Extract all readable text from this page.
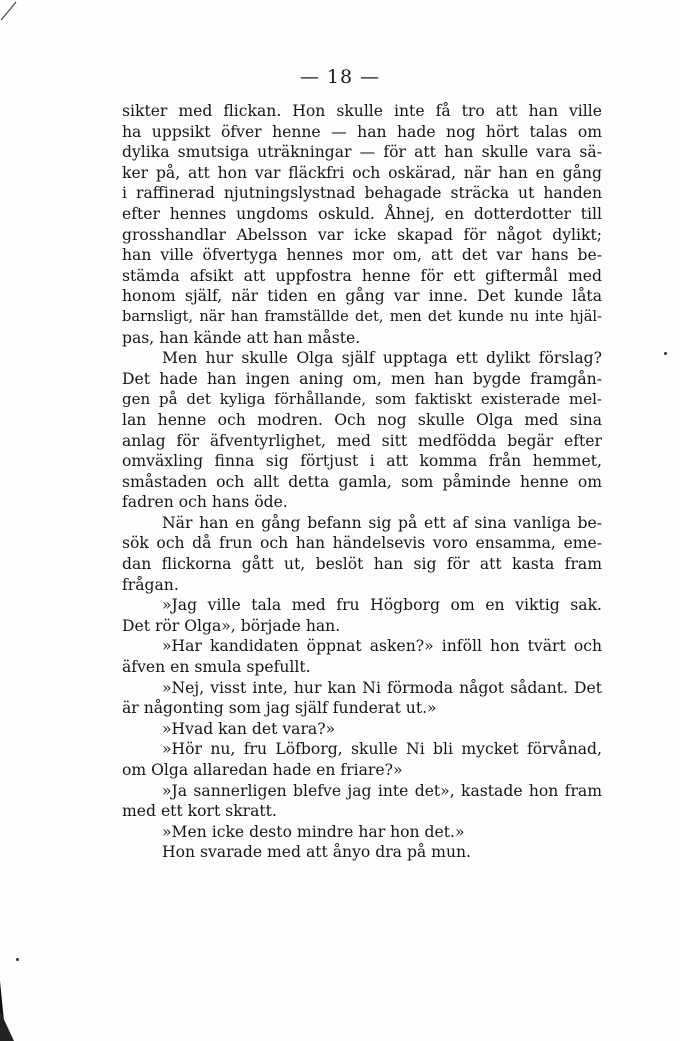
— 18 —
sikter med flickan. Hon skulle inte få tro att han ville
ha uppsikt öfver henne — han hade nog hört talas om
dylika smutsiga uträkningar — för att han skulle vara sä-
ker på, att hon var fläckfri och oskärad, när han en gång
i raffinerad njutningslystnad behagade sträcka ut handen
efter hennes ungdoms oskuld. Åhnej, en dotterdotter till
grosshandlar Abelsson var icke skapad för något dylikt;
han ville öfvertyga hennes mor om, att det var hans be-
stämda afsikt att uppfostra henne för ett giftermål med
honom själf, när tiden en gång var inne. Det kunde låta
barnsligt, när han framställde det, men det kunde nu inte hjäl-
pas, han kände att han måste.
Men hur skulle Olga själf upptaga ett dylikt förslag?
Det hade han ingen aning om, men han bygde framgån-
gen på det kyliga förhållande, som faktiskt existerade mel-
lan henne och modren. Och nog skulle Olga med sina
anlag för äfventyrlighet, med sitt medfödda begär efter
omväxling finna sig förtjust i att komma från hemmet,
småstaden och allt detta gamla, som påminde henne om
fadren och hans öde.
När han en gång befann sig på ett af sina vanliga be-
sök och då frun och han händelsevis voro ensamma, eme-
dan flickorna gått ut, beslöt han sig för att kasta fram
frågan.
»Jag ville tala med fru Högborg om en viktig sak.
Det rör Olga», började han.
»Har kandidaten öppnat asken?» inföll hon tvärt och
äfven en smula spefullt.
»Nej, visst inte, hur kan Ni förmoda något sådant. Det
är någonting som jag själf funderat ut.»
»Hvad kan det vara?»
»Hör nu, fru Löfborg, skulle Ni bli mycket förvånad,
om Olga allaredan hade en friare?»
»Ja sannerligen blefve jag inte det», kastade hon fram
med ett kort skratt.
»Men icke desto mindre har hon det.»
Hon svarade med att ånyo dra på mun.
